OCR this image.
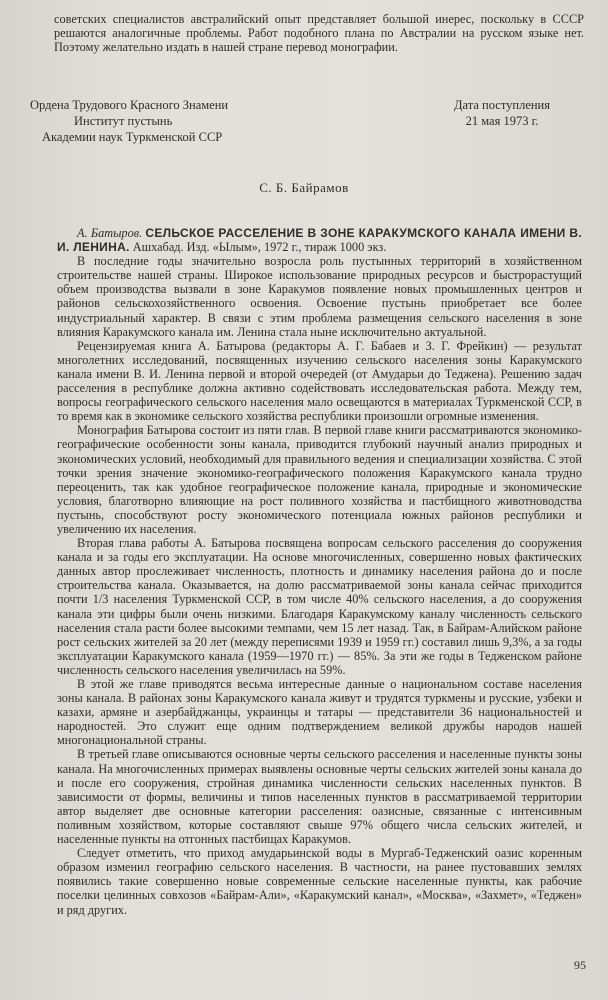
советских специалистов австралийский опыт представляет большой инерес, поскольку в СССР решаются аналогичные проблемы. Работ подобного плана по Австралии на русском языке нет. Поэтому желательно издать в нашей стране перевод монографии.

Ордена Трудового Красного Знамени
Институт пустынь
Академии наук Туркменской ССР
Дата поступления
21 мая 1973 г.
С. Б. Байрамов

А. Батыров. СЕЛЬСКОЕ РАССЕЛЕНИЕ В ЗОНЕ КАРАКУМСКОГО КАНАЛА ИМЕНИ В. И. ЛЕНИНА. Ашхабад. Изд. «Ылым», 1972 г., тираж 1000 экз.

В последние годы значительно возросла роль пустынных территорий в хозяйственном строительстве нашей страны. Широкое использование природных ресурсов и быстрорастущий объем производства вызвали в зоне Каракумов появление новых промышленных центров и районов сельскохозяйственного освоения. Освоение пустынь приобретает все более индустриальный характер. В связи с этим проблема размещения сельского населения в зоне влияния Каракумского канала им. Ленина стала ныне исключительно актуальной.

Рецензируемая книга А. Батырова (редакторы А. Г. Бабаев и З. Г. Фрейкин) — результат многолетних исследований, посвященных изучению сельского населения зоны Каракумского канала имени В. И. Ленина первой и второй очередей (от Амударьи до Теджена). Решению задач расселения в республике должна активно содействовать исследовательская работа. Между тем, вопросы географического сельского населения мало освещаются в материалах Туркменской ССР, в то время как в экономике сельского хозяйства республики произошли огромные изменения.

Монография Батырова состоит из пяти глав. В первой главе книги рассматриваются экономико-географические особенности зоны канала, приводится глубокий научный анализ природных и экономических условий, необходимый для правильного ведения и специализации хозяйства. С этой точки зрения значение экономико-географического положения Каракумского канала трудно переоценить, так как удобное географическое положение канала, природные и экономические условия, благотворно влияющие на рост поливного хозяйства и пастбищного животноводства пустынь, способствуют росту экономического потенциала южных районов республики и увеличению их населения.

Вторая глава работы А. Батырова посвящена вопросам сельского расселения до сооружения канала и за годы его эксплуатации. На основе многочисленных, совершенно новых фактических данных автор прослеживает численность, плотность и динамику населения района до и после строительства канала. Оказывается, на долю рассматриваемой зоны канала сейчас приходится почти 1/3 населения Туркменской ССР, в том числе 40% сельского населения, а до сооружения канала эти цифры были очень низкими. Благодаря Каракумскому каналу численность сельского населения стала расти более высокими темпами, чем 15 лет назад. Так, в Байрам-Алийском районе рост сельских жителей за 20 лет (между переписями 1939 и 1959 гг.) составил лишь 9,3%, а за годы эксплуатации Каракумского канала (1959—1970 гг.) — 85%. За эти же годы в Тедженском районе численность сельского населения увеличилась на 59%.

В этой же главе приводятся весьма интересные данные о национальном составе населения зоны канала. В районах зоны Каракумского канала живут и трудятся туркмены и русские, узбеки и казахи, армяне и азербайджанцы, украинцы и татары — представители 36 национальностей и народностей. Это служит еще одним подтверждением великой дружбы народов нашей многонациональной страны.

В третьей главе описываются основные черты сельского расселения и населенные пункты зоны канала. На многочисленных примерах выявлены основные черты сельских жителей зоны канала до и после его сооружения, стройная динамика численности сельских населенных пунктов. В зависимости от формы, величины и типов населенных пунктов в рассматриваемой территории автор выделяет две основные категории расселения: оазисные, связанные с интенсивным поливным хозяйством, которые составляют свыше 97% общего числа сельских жителей, и населенные пункты на отгонных пастбищах Каракумов.

Следует отметить, что приход амударьинской воды в Мургаб-Теджeнский оазис коренным образом изменил географию сельского населения. В частности, на ранее пустовавших землях появились такие совершенно новые современные сельские населенные пункты, как рабочие поселки целинных совхозов «Байрам-Али», «Каракумский канал», «Москва», «Захмет», «Теджен» и ряд других.

95
